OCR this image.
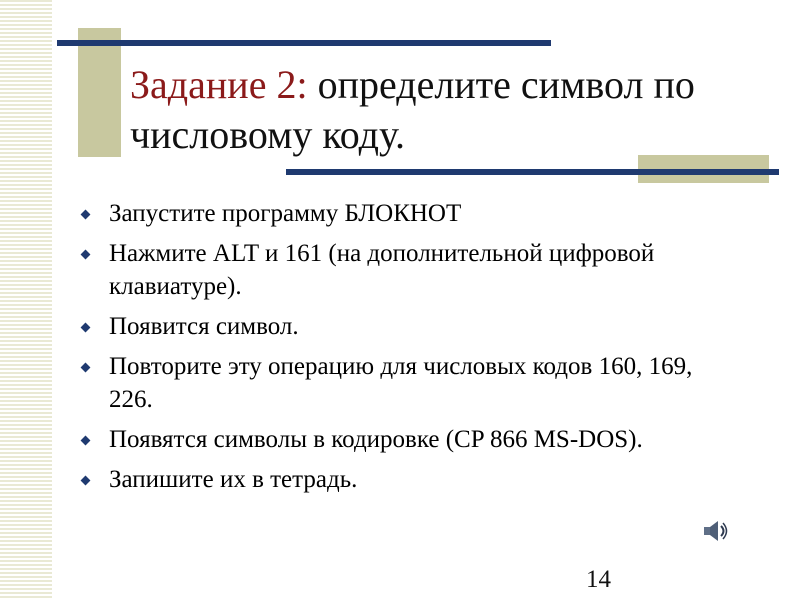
Задание 2: определите символ по числовому коду.
Запустите программу БЛОКНОТ
Нажмите ALT и 161 (на дополнительной цифровой клавиатуре).
Появится символ.
Повторите эту операцию для числовых кодов 160, 169, 226.
Появятся символы в кодировке (CP 866 MS-DOS).
Запишите их в тетрадь.
14
